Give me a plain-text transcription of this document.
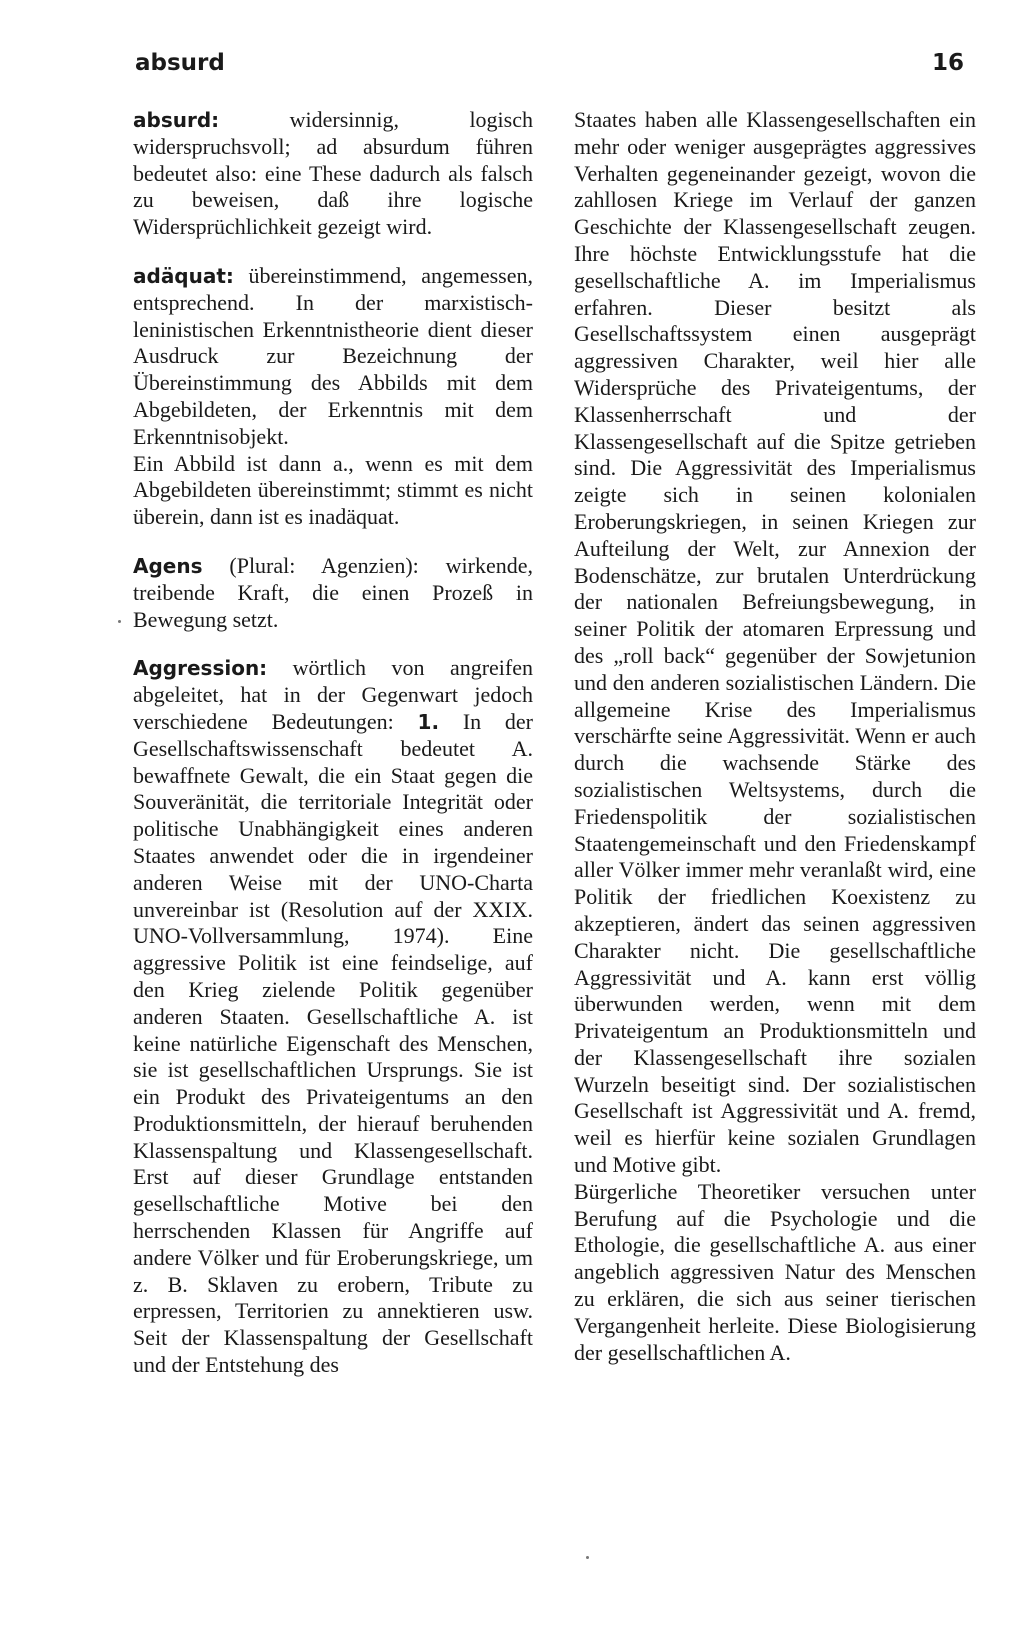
absurd	16

absurd: widersinnig, logisch widerspruchsvoll; ad absurdum führen bedeutet also: eine These dadurch als falsch zu beweisen, daß ihre logische Widersprüchlichkeit gezeigt wird.

adäquat: übereinstimmend, angemessen, entsprechend. In der marxistisch-leninistischen Erkenntnistheorie dient dieser Ausdruck zur Bezeichnung der Übereinstimmung des Abbilds mit dem Abgebildeten, der Erkenntnis mit dem Erkenntnisobjekt.

Ein Abbild ist dann a., wenn es mit dem Abgebildeten übereinstimmt; stimmt es nicht überein, dann ist es inadäquat.

Agens (Plural: Agenzien): wirkende, treibende Kraft, die einen Prozeß in Bewegung setzt.

Aggression: wörtlich von angreifen abgeleitet, hat in der Gegenwart jedoch verschiedene Bedeutungen: 1. In der Gesellschaftswissenschaft bedeutet A. bewaffnete Gewalt, die ein Staat gegen die Souveränität, die territoriale Integrität oder politische Unabhängigkeit eines anderen Staates anwendet oder die in irgendeiner anderen Weise mit der UNO-Charta unvereinbar ist (Resolution auf der XXIX. UNO-Vollversammlung, 1974). Eine aggressive Politik ist eine feindselige, auf den Krieg zielende Politik gegenüber anderen Staaten. Gesellschaftliche A. ist keine natürliche Eigenschaft des Menschen, sie ist gesellschaftlichen Ursprungs. Sie ist ein Produkt des Privateigentums an den Produktionsmitteln, der hierauf beruhenden Klassenspaltung und Klassengesellschaft. Erst auf dieser Grundlage entstanden gesellschaftliche Motive bei den herrschenden Klassen für Angriffe auf andere Völker und für Eroberungskriege, um z. B. Sklaven zu erobern, Tribute zu erpressen, Territorien zu annektieren usw. Seit der Klassenspaltung der Gesellschaft und der Entstehung des

Staates haben alle Klassengesellschaften ein mehr oder weniger ausgeprägtes aggressives Verhalten gegeneinander gezeigt, wovon die zahllosen Kriege im Verlauf der ganzen Geschichte der Klassengesellschaft zeugen. Ihre höchste Entwicklungsstufe hat die gesellschaftliche A. im Imperialismus erfahren. Dieser besitzt als Gesellschaftssystem einen ausgeprägt aggressiven Charakter, weil hier alle Widersprüche des Privateigentums, der Klassenherrschaft und der Klassengesellschaft auf die Spitze getrieben sind. Die Aggressivität des Imperialismus zeigte sich in seinen kolonialen Eroberungskriegen, in seinen Kriegen zur Aufteilung der Welt, zur Annexion der Bodenschätze, zur brutalen Unterdrückung der nationalen Befreiungsbewegung, in seiner Politik der atomaren Erpressung und des „roll back“ gegenüber der Sowjetunion und den anderen sozialistischen Ländern. Die allgemeine Krise des Imperialismus verschärfte seine Aggressivität. Wenn er auch durch die wachsende Stärke des sozialistischen Weltsystems, durch die Friedenspolitik der sozialistischen Staatengemeinschaft und den Friedenskampf aller Völker immer mehr veranlaßt wird, eine Politik der friedlichen Koexistenz zu akzeptieren, ändert das seinen aggressiven Charakter nicht. Die gesellschaftliche Aggressivität und A. kann erst völlig überwunden werden, wenn mit dem Privateigentum an Produktionsmitteln und der Klassengesellschaft ihre sozialen Wurzeln beseitigt sind. Der sozialistischen Gesellschaft ist Aggressivität und A. fremd, weil es hierfür keine sozialen Grundlagen und Motive gibt.

Bürgerliche Theoretiker versuchen unter Berufung auf die Psychologie und die Ethologie, die gesellschaftliche A. aus einer angeblich aggressiven Natur des Menschen zu erklären, die sich aus seiner tierischen Vergangenheit herleite. Diese Biologisierung der gesellschaftlichen A.
